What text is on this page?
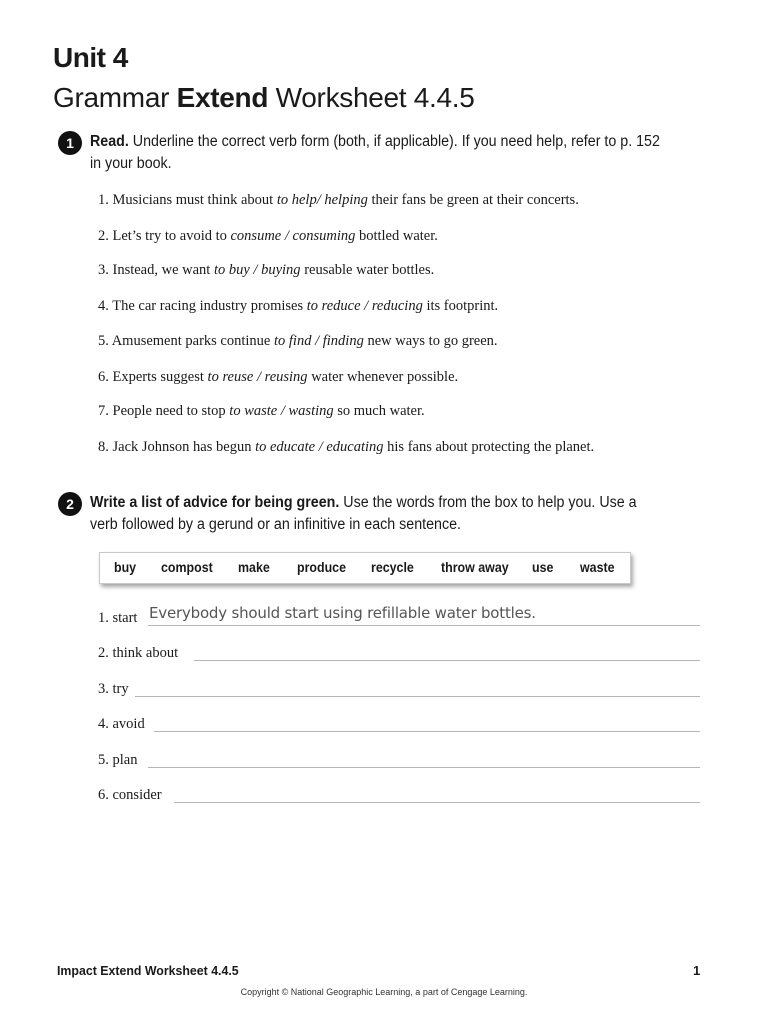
Unit 4
Grammar Extend Worksheet 4.4.5
1	Read. Underline the correct verb form (both, if applicable). If you need help, refer to p. 152 in your book.
1. Musicians must think about to help/ helping their fans be green at their concerts.
2. Let’s try to avoid to consume / consuming bottled water.
3. Instead, we want to buy / buying reusable water bottles.
4. The car racing industry promises to reduce / reducing its footprint.
5. Amusement parks continue to find / finding new ways to go green.
6. Experts suggest to reuse / reusing water whenever possible.
7. People need to stop to waste / wasting so much water.
8. Jack Johnson has begun to educate / educating his fans about protecting the planet.
2	Write a list of advice for being green. Use the words from the box to help you. Use a verb followed by a gerund or an infinitive in each sentence.
buy compost make produce recycle throw away use waste
1. start Everybody should start using refillable water bottles.
2. think about
3. try
4. avoid
5. plan
6. consider
Impact Extend Worksheet 4.4.5	1
Copyright © National Geographic Learning, a part of Cengage Learning.
